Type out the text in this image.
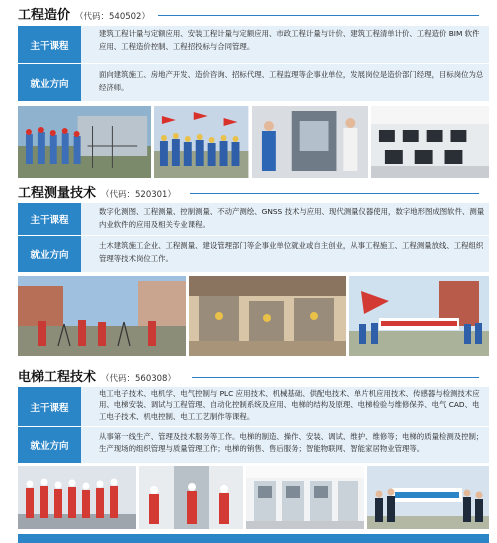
工程造价 （代码：540502）
主干课程
建筑工程计量与定额应用、安装工程计量与定额应用、市政工程计量与计价、建筑工程清单计价、工程造价 BIM 软件应用、工程造价控制、工程招投标与合同管理。
就业方向
面向建筑施工、房地产开发、造价咨询、招标代理、工程监理等企事业单位，发展岗位是造价部门经理，目标岗位为总经济师。
工程测量技术 （代码：520301）
主干课程
数字化测图、工程测量、控制测量、不动产测绘、GNSS 技术与应用、现代测量仪器使用，数字地形图成图软件、测量内业软件的应用及相关专业课程。
就业方向
土木建筑施工企业、工程测量、建设管理部门等企事业单位就业或自主创业，从事工程施工、工程测量放线、工程组织管理等技术岗位工作。
电梯工程技术 （代码：560308）
主干课程
电工电子技术、电机学、电气控制与 PLC 应用技术、机械基础、供配电技术、单片机应用技术、传感器与检测技术应用、电梯安装、调试与工程管理、自动化控制系统及应用、电梯的结构及原理、电梯检验与维修保养、电气 CAD、电工电子技术、机电控制、电工工艺制作等课程。
就业方向
从事第一线生产、管理及技术服务等工作。电梯的制造、操作、安装、调试、维护、维修等；电梯的质量检测及控制；生产现场的组织管理与质量管理工作；电梯的销售、售后服务；智能物联网、智能家居物业管理等。
